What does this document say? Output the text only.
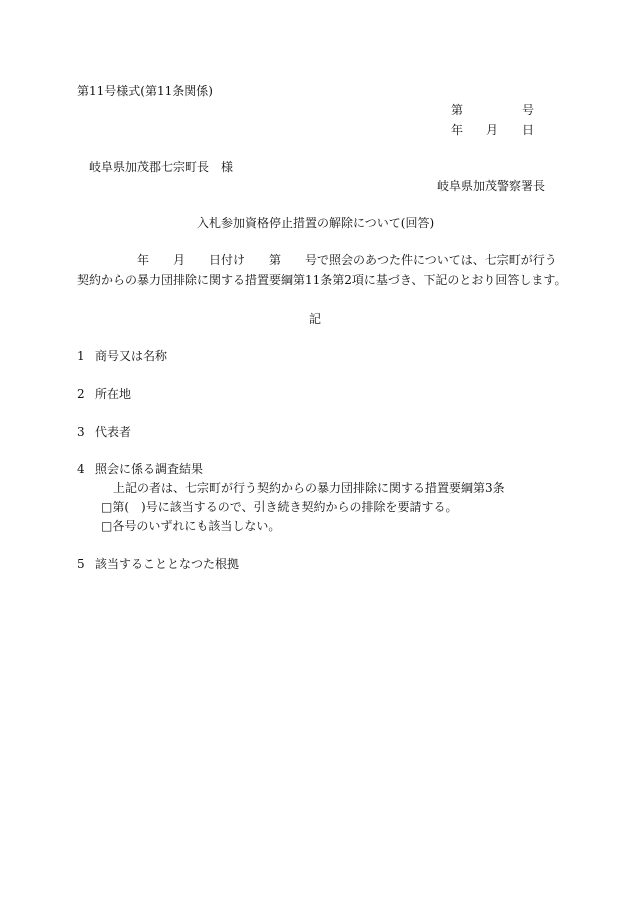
第11号様式(第11条関係)
第	号
年 月 日
岐阜県加茂郡七宗町長　様
岐阜県加茂警察署長
入札参加資格停止措置の解除について(回答)
年 月 日付け 第 号で照会のあつた件については、七宗町が行う
契約からの暴力団排除に関する措置要綱第11条第2項に基づき、下記のとおり回答します。
記
1 商号又は名称
2 所在地
3 代表者
4 照会に係る調査結果
上記の者は、七宗町が行う契約からの暴力団排除に関する措置要綱第3条
□第(　)号に該当するので、引き続き契約からの排除を要請する。
□各号のいずれにも該当しない。
5 該当することとなつた根拠
